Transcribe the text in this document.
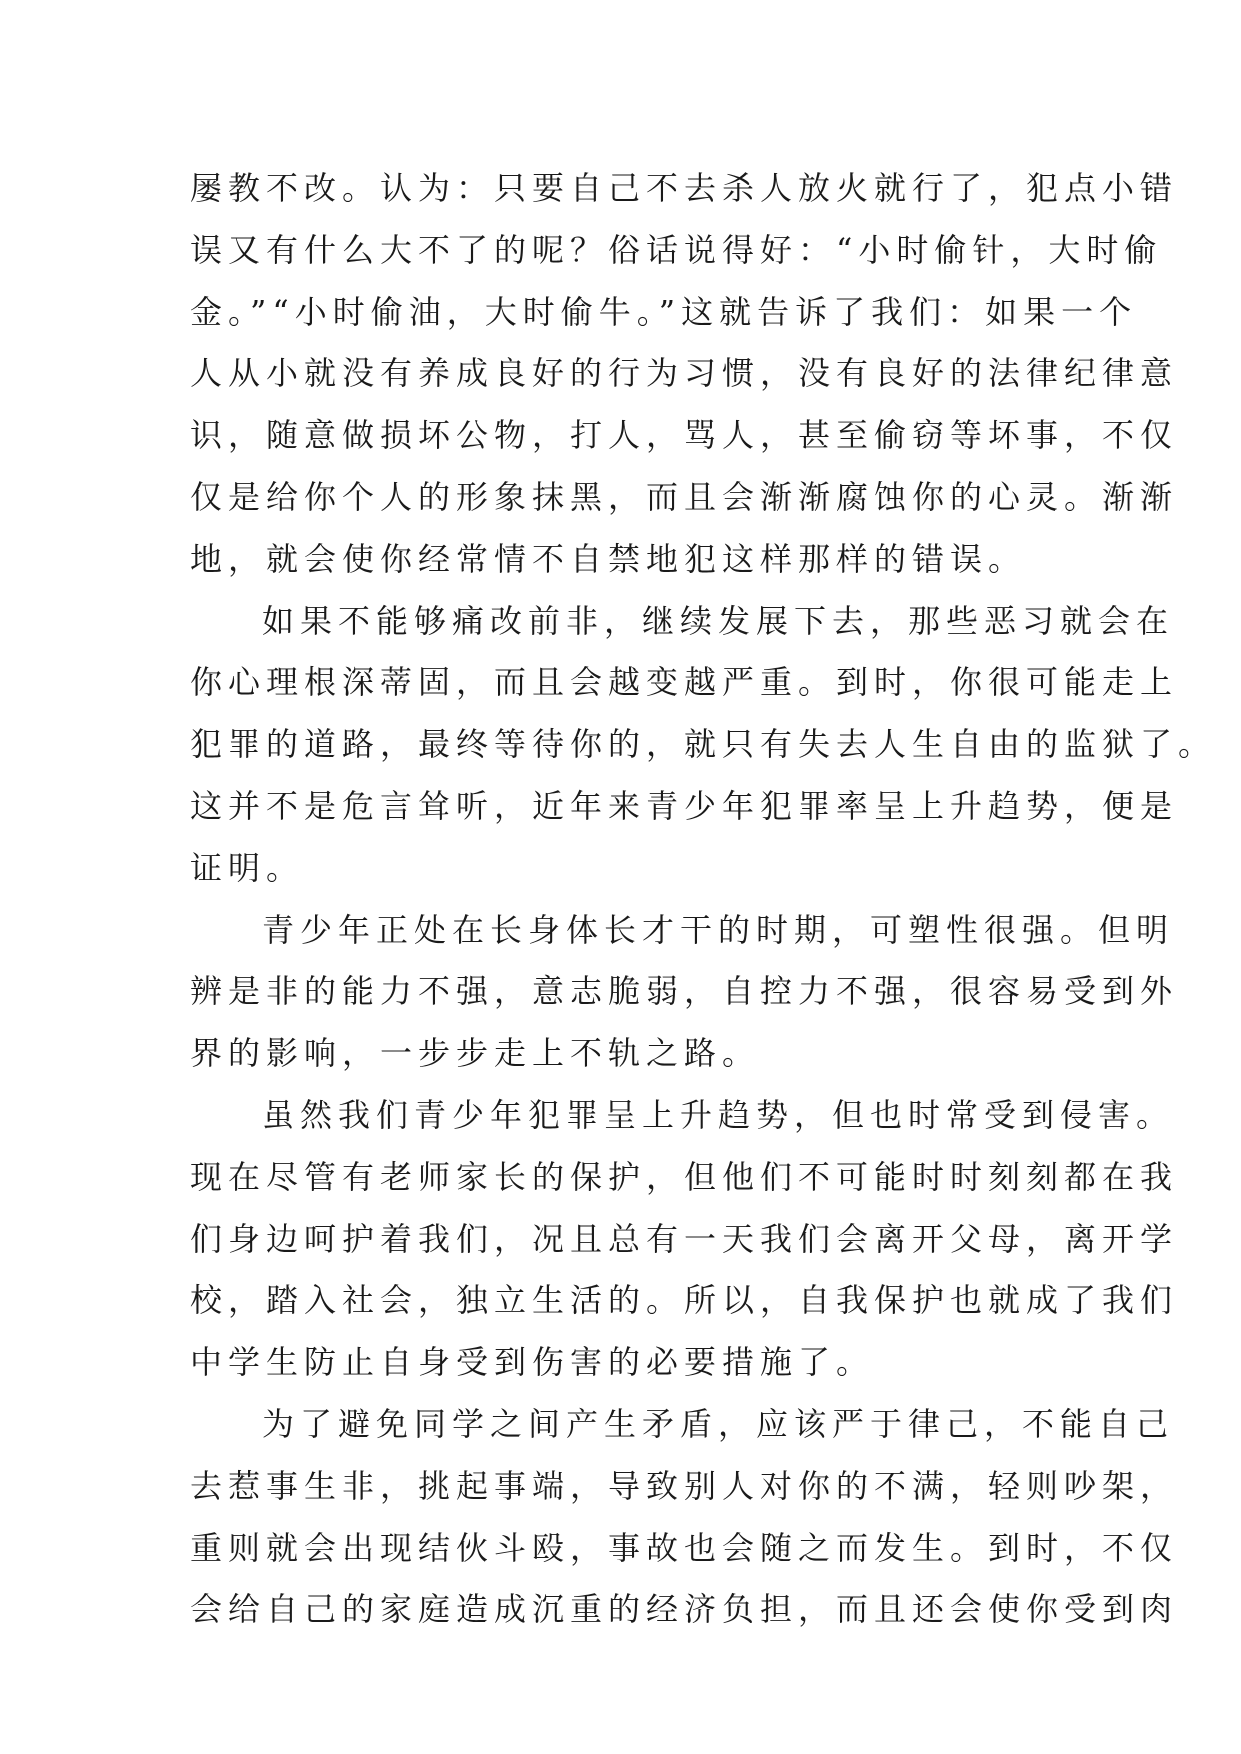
屡教不改。认为：只要自己不去杀人放火就行了，犯点小错
误又有什么大不了的呢？俗话说得好：“小时偷针，大时偷
金。”“小时偷油，大时偷牛。”这就告诉了我们：如果一个
人从小就没有养成良好的行为习惯，没有良好的法律纪律意
识，随意做损坏公物，打人，骂人，甚至偷窃等坏事，不仅
仅是给你个人的形象抹黑，而且会渐渐腐蚀你的心灵。渐渐
地，就会使你经常情不自禁地犯这样那样的错误。
如果不能够痛改前非，继续发展下去，那些恶习就会在
你心理根深蒂固，而且会越变越严重。到时，你很可能走上
犯罪的道路，最终等待你的，就只有失去人生自由的监狱了。
这并不是危言耸听，近年来青少年犯罪率呈上升趋势，便是
证明。
青少年正处在长身体长才干的时期，可塑性很强。但明
辨是非的能力不强，意志脆弱，自控力不强，很容易受到外
界的影响，一步步走上不轨之路。
虽然我们青少年犯罪呈上升趋势，但也时常受到侵害。
现在尽管有老师家长的保护，但他们不可能时时刻刻都在我
们身边呵护着我们，况且总有一天我们会离开父母，离开学
校，踏入社会，独立生活的。所以，自我保护也就成了我们
中学生防止自身受到伤害的必要措施了。
为了避免同学之间产生矛盾，应该严于律己，不能自己
去惹事生非，挑起事端，导致别人对你的不满，轻则吵架，
重则就会出现结伙斗殴，事故也会随之而发生。到时，不仅
会给自己的家庭造成沉重的经济负担，而且还会使你受到肉
